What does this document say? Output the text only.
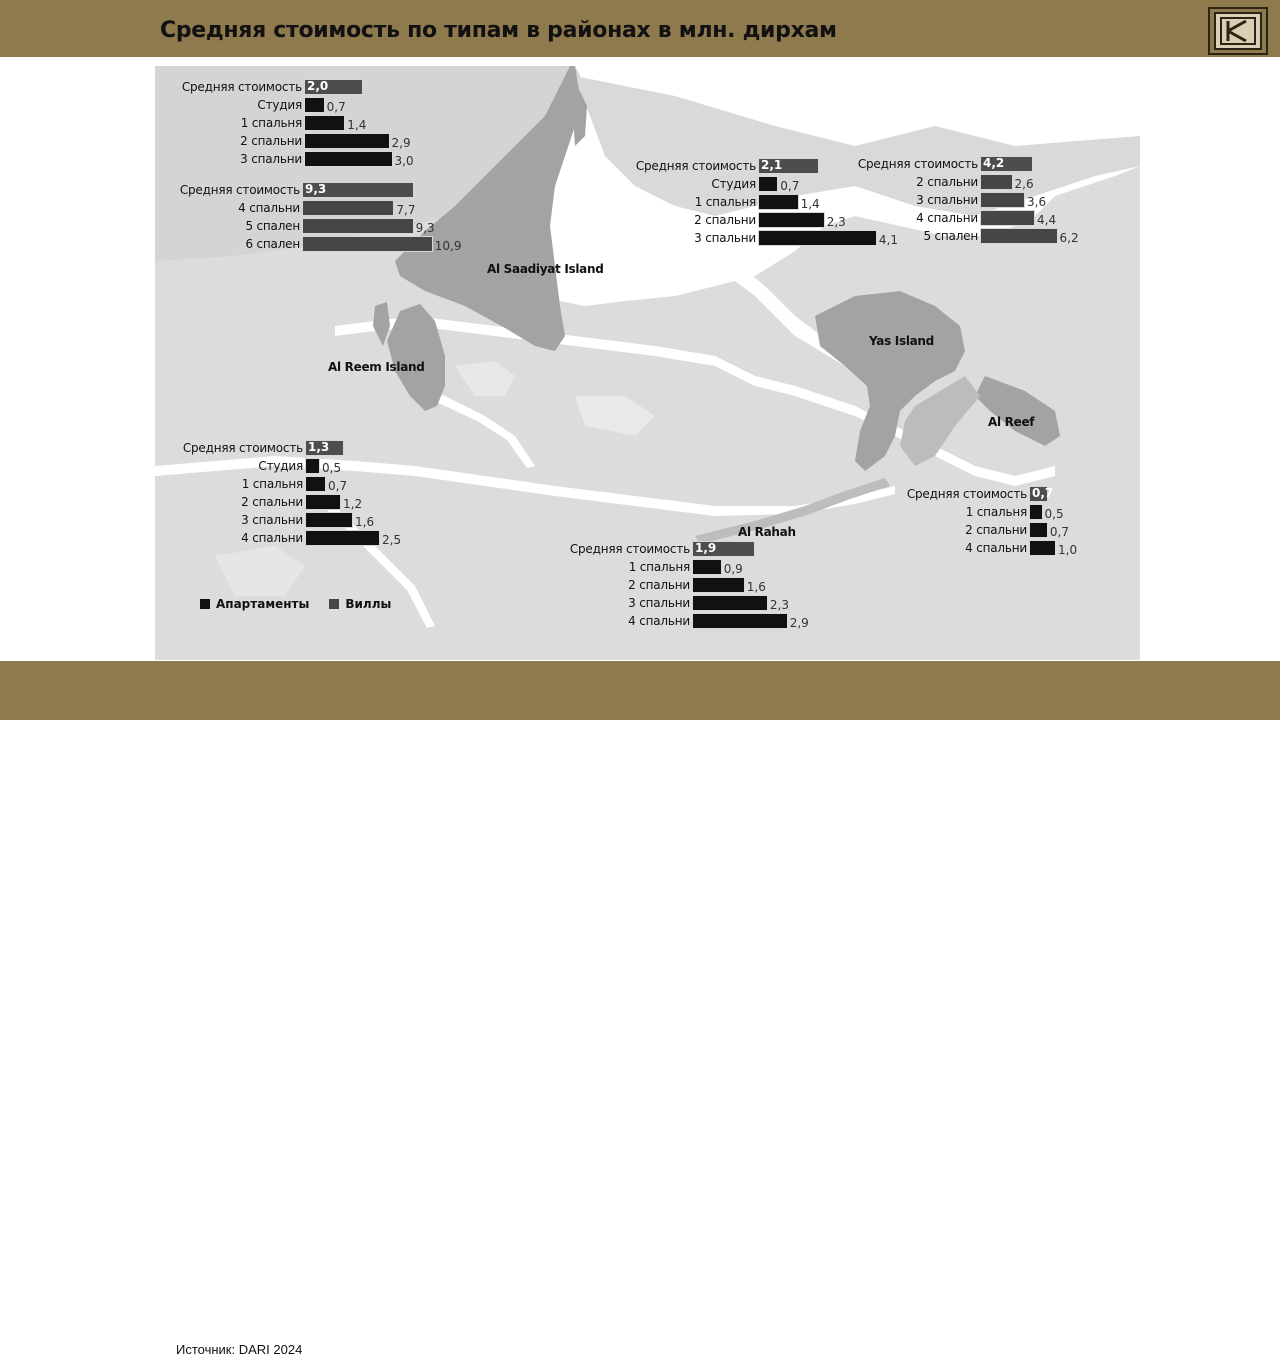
Средняя стоимость по типам в районах в млн. дирхам
Al Saadiyat Island
Al Reem Island
Yas Island
Al Reef
Al Rahah
Апартаменты	Виллы
Средняя стоимость 2,0
Студия 0,7
1 спальня	1,4
2 спальни	2,9
3 спальни	3,0
Средняя стоимость 9,3
4 спальни	7,7
5 спален	9,3
6 спален	10,9
Средняя стоимость 2,1
Студия 0,7
1 спальня	1,4
2 спальни	2,3
3 спальни	4,1
Средняя стоимость 4,2
2 спальни	2,6
3 спальни	3,6
4 спальни	4,4
5 спален	6,2
Средняя стоимость 1,3
Студия 0,5
1 спальня 0,7
2 спальни	1,2
3 спальни	1,6
4 спальни	2,5
Средняя стоимость 0,7
1 спальня 0,5
2 спальни 0,7
4 спальни	1,0
Средняя стоимость 1,9
1 спальня	0,9
2 спальни	1,6
3 спальни	2,3
4 спальни	2,9
Источник: DARI 2024
